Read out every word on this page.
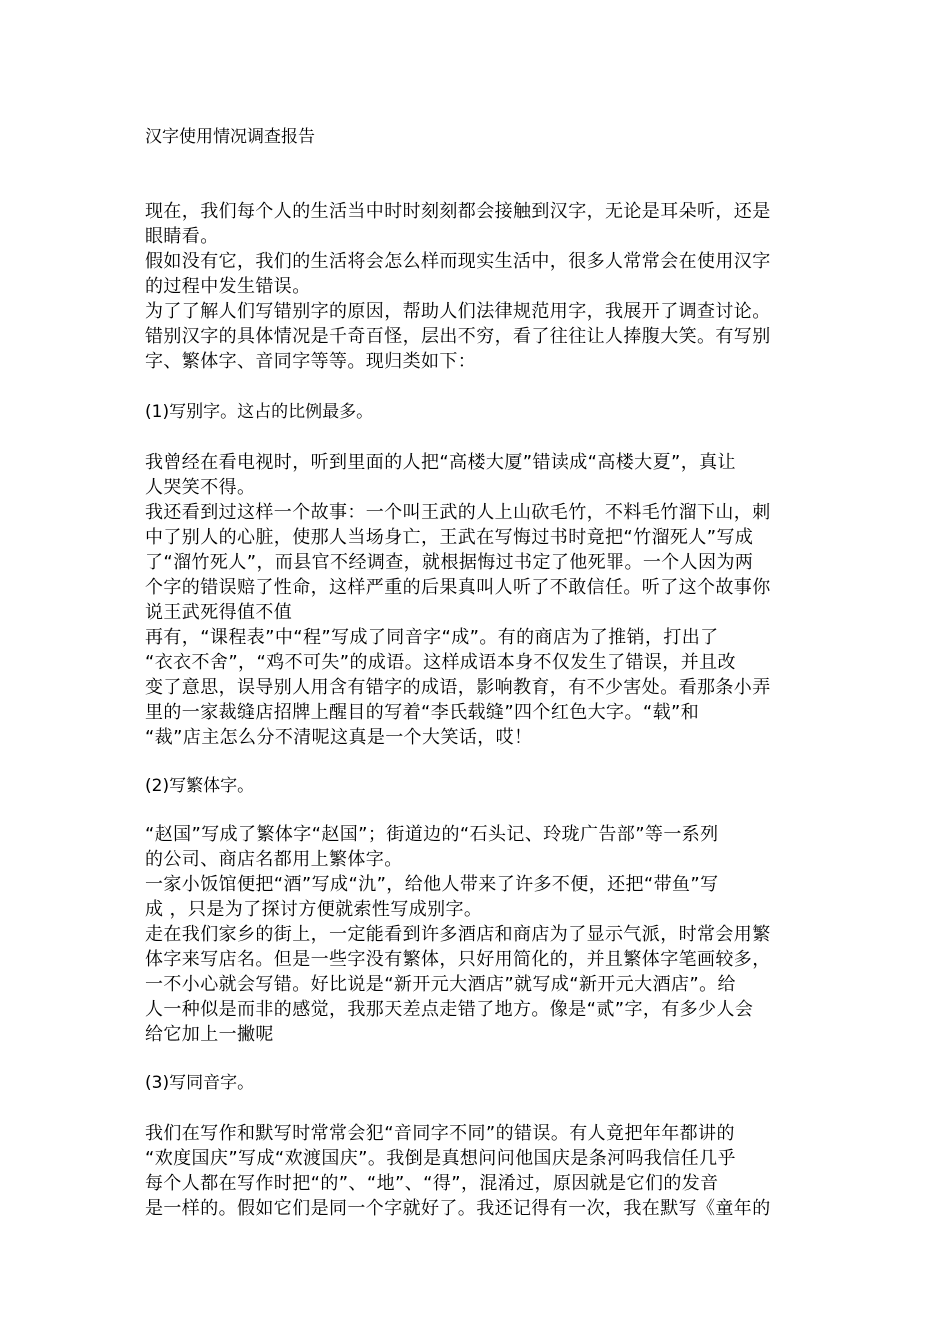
汉字使用情况调查报告
现在，我们每个人的生活当中时时刻刻都会接触到汉字，无论是耳朵听，还是
眼睛看。
假如没有它，我们的生活将会怎么样而现实生活中，很多人常常会在使用汉字
的过程中发生错误。
为了了解人们写错别字的原因，帮助人们法律规范用字，我展开了调查讨论。
错别汉字的具体情况是千奇百怪，层出不穷，看了往往让人捧腹大笑。有写别
字、繁体字、音同字等等。现归类如下：
(1)写别字。这占的比例最多。
我曾经在看电视时，听到里面的人把“高楼大厦”错读成“高楼大夏”，真让
人哭笑不得。
我还看到过这样一个故事：一个叫王武的人上山砍毛竹，不料毛竹溜下山，刺
中了别人的心脏，使那人当场身亡，王武在写悔过书时竟把“竹溜死人”写成
了“溜竹死人”，而县官不经调查，就根据悔过书定了他死罪。一个人因为两
个字的错误赔了性命，这样严重的后果真叫人听了不敢信任。听了这个故事你
说王武死得值不值
再有，“课程表”中“程”写成了同音字“成”。有的商店为了推销，打出了
“衣衣不舍”，“鸡不可失”的成语。这样成语本身不仅发生了错误，并且改
变了意思，误导别人用含有错字的成语，影响教育，有不少害处。看那条小弄
里的一家裁缝店招牌上醒目的写着“李氏载缝”四个红色大字。“载”和
“裁”店主怎么分不清呢这真是一个大笑话，哎！
(2)写繁体字。
“赵国”写成了繁体字“赵国”；街道边的“石头记、玲珑广告部”等一系列
的公司、商店名都用上繁体字。
一家小饭馆便把“酒”写成“氿”，给他人带来了许多不便，还把“带鱼”写
成 ，只是为了探讨方便就索性写成别字。
走在我们家乡的街上，一定能看到许多酒店和商店为了显示气派，时常会用繁
体字来写店名。但是一些字没有繁体，只好用简化的，并且繁体字笔画较多，
一不小心就会写错。好比说是“新开元大酒店”就写成“新开元大酒店”。给
人一种似是而非的感觉，我那天差点走错了地方。像是“贰”字，有多少人会
给它加上一撇呢
(3)写同音字。
我们在写作和默写时常常会犯“音同字不同”的错误。有人竟把年年都讲的
“欢度国庆”写成“欢渡国庆”。我倒是真想问问他国庆是条河吗我信任几乎
每个人都在写作时把“的”、“地”、“得”，混淆过，原因就是它们的发音
是一样的。假如它们是同一个字就好了。我还记得有一次，我在默写《童年的
